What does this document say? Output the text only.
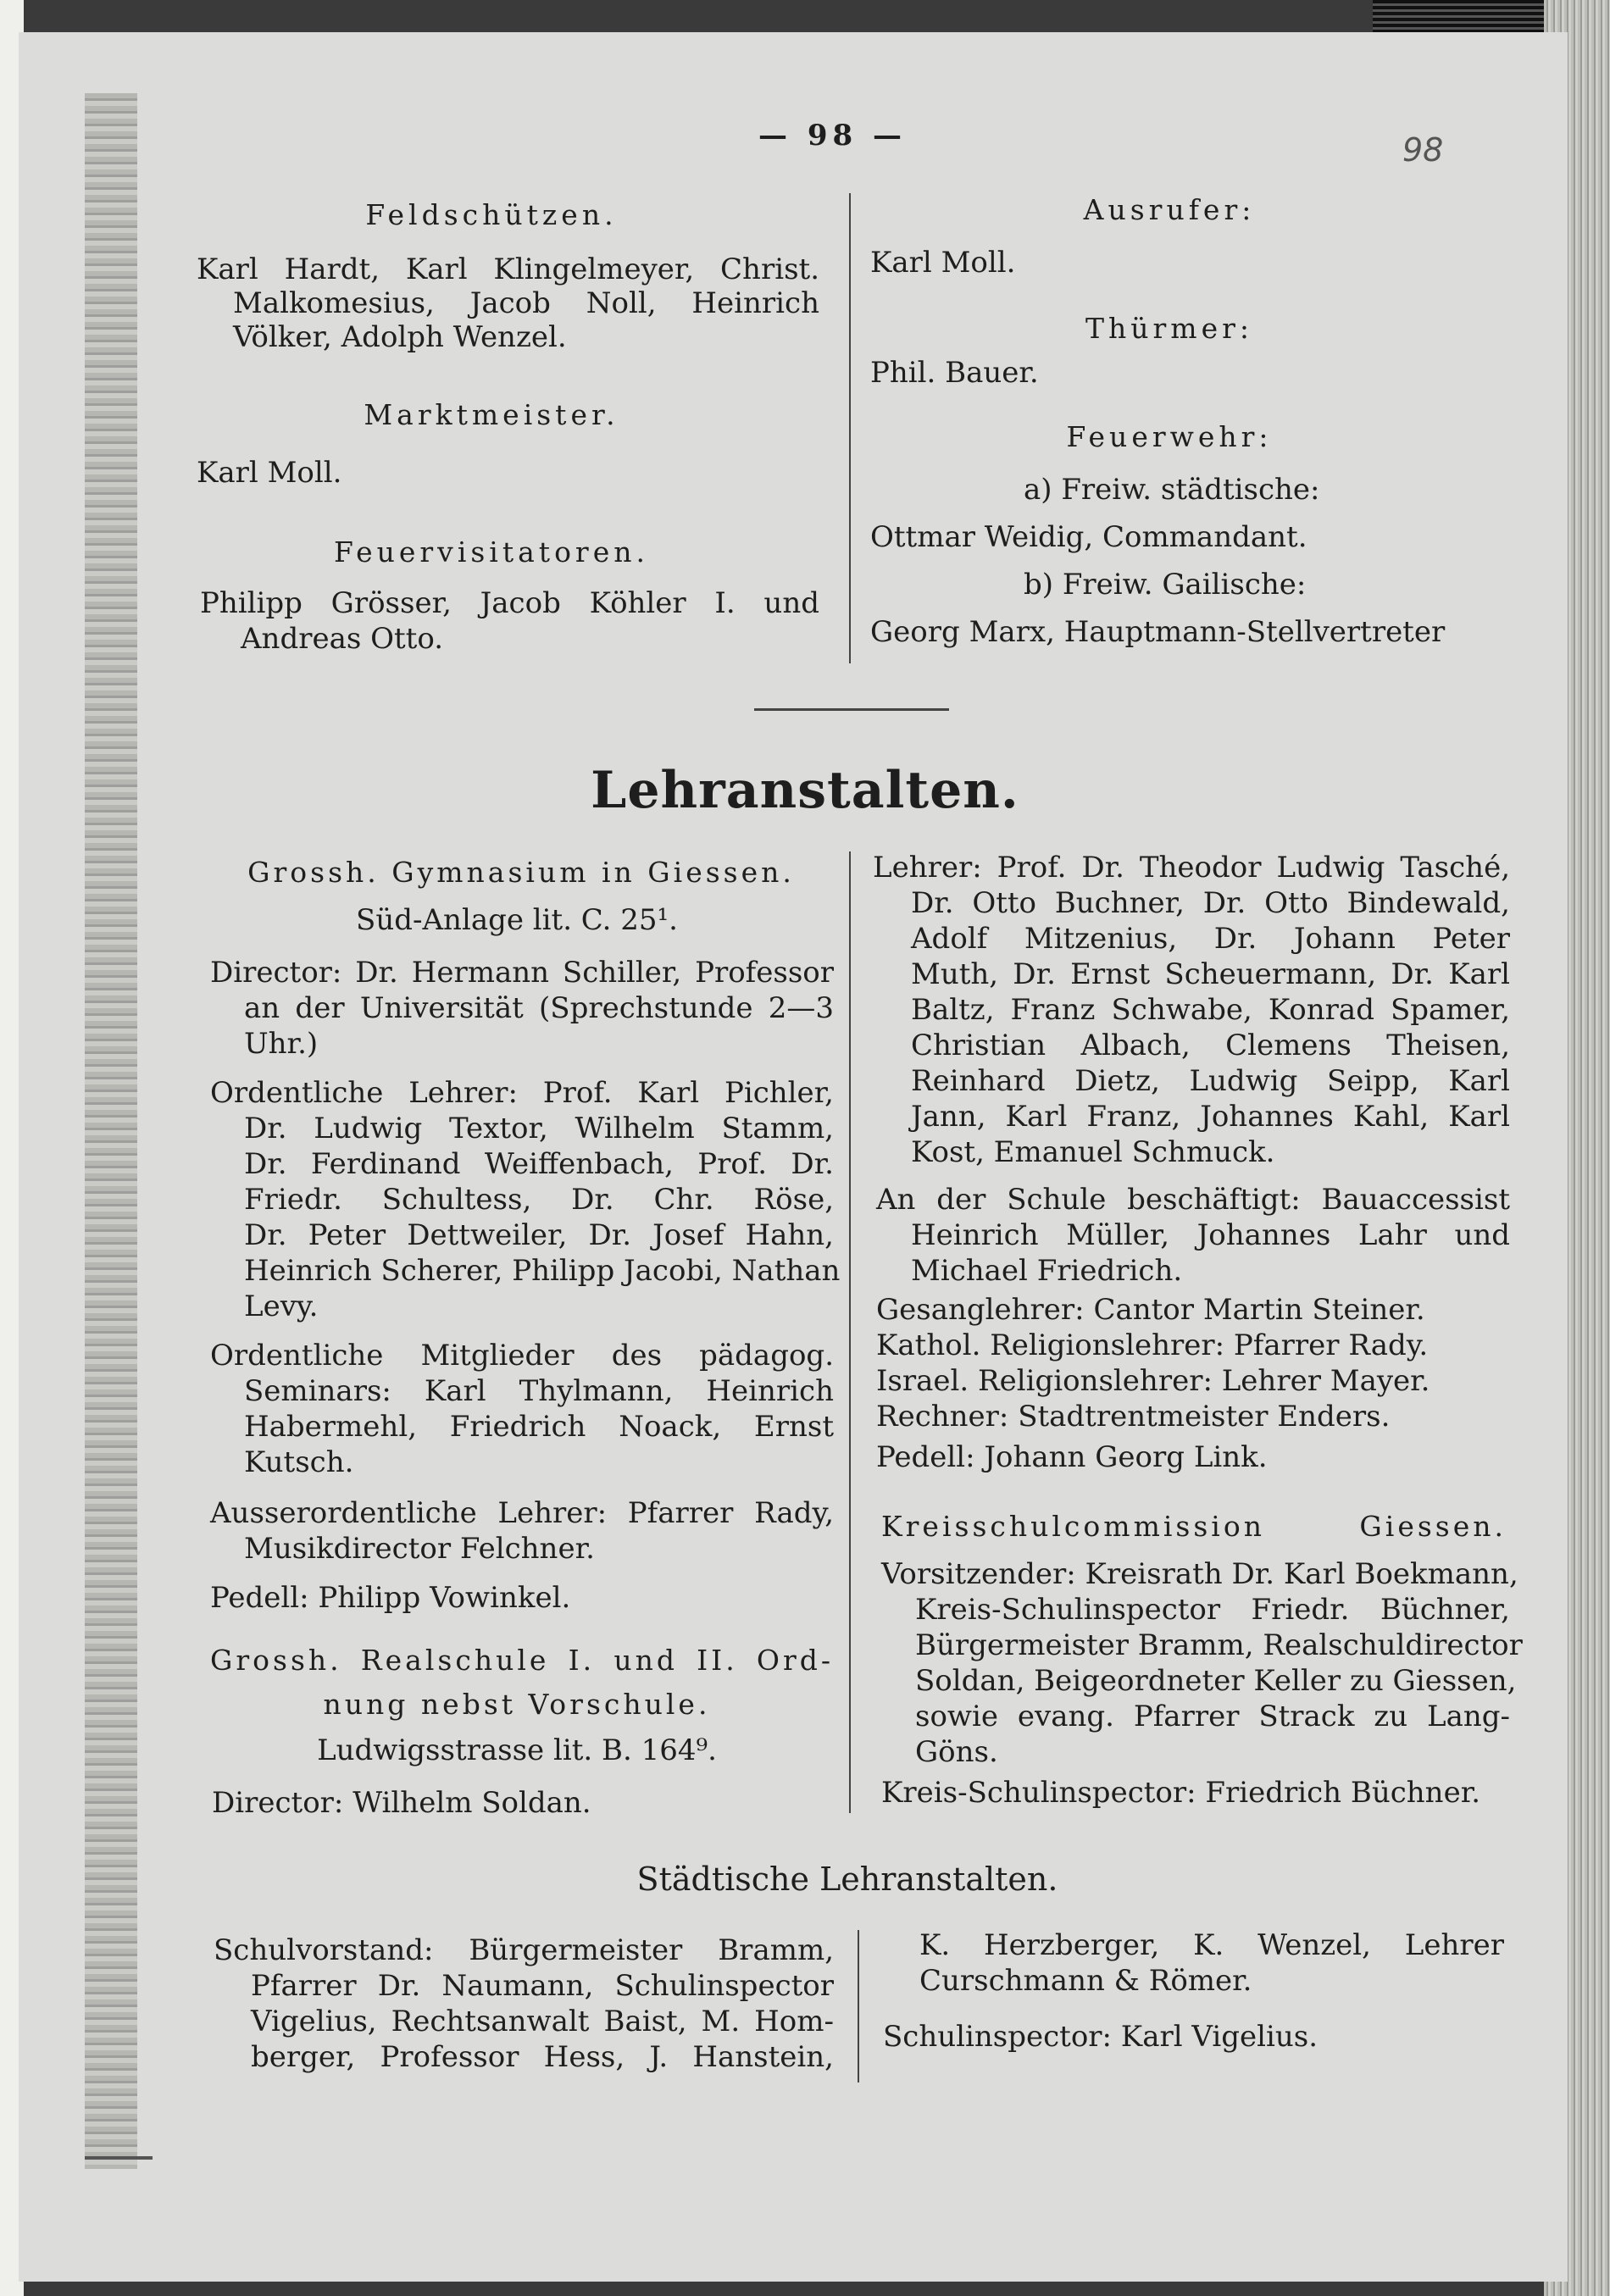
— 98 —	98
Feldschützen.
Karl Hardt, Karl Klingelmeyer, Christ.
Malkomesius, Jacob Noll, Heinrich
Völker, Adolph Wenzel.
Marktmeister.
Karl Moll.
Feuervisitatoren.
Philipp Grösser, Jacob Köhler I. und
Andreas Otto.
Ausrufer:
Karl Moll.
Thürmer:
Phil. Bauer.
Feuerwehr:
a) Freiw. städtische:
Ottmar Weidig, Commandant.
b) Freiw. Gailische:
Georg Marx, Hauptmann-Stellvertreter
Lehranstalten.
Grossh. Gymnasium in Giessen.
Süd-Anlage lit. C. 25¹.
Director: Dr. Hermann Schiller, Professor
an der Universität (Sprechstunde 2—3
Uhr.)
Ordentliche Lehrer: Prof. Karl Pichler,
Dr. Ludwig Textor, Wilhelm Stamm,
Dr. Ferdinand Weiffenbach, Prof. Dr.
Friedr. Schultess, Dr. Chr. Röse,
Dr. Peter Dettweiler, Dr. Josef Hahn,
Heinrich Scherer, Philipp Jacobi, Nathan
Levy.
Ordentliche Mitglieder des pädagog.
Seminars: Karl Thylmann, Heinrich
Habermehl, Friedrich Noack, Ernst
Kutsch.
Ausserordentliche Lehrer: Pfarrer Rady,
Musikdirector Felchner.
Pedell: Philipp Vowinkel.
Grossh. Realschule I. und II. Ord-
nung nebst Vorschule.
Ludwigsstrasse lit. B. 164⁹.
Director: Wilhelm Soldan.
Lehrer: Prof. Dr. Theodor Ludwig Tasché,
Dr. Otto Buchner, Dr. Otto Bindewald,
Adolf Mitzenius, Dr. Johann Peter
Muth, Dr. Ernst Scheuermann, Dr. Karl
Baltz, Franz Schwabe, Konrad Spamer,
Christian Albach, Clemens Theisen,
Reinhard Dietz, Ludwig Seipp, Karl
Jann, Karl Franz, Johannes Kahl, Karl
Kost, Emanuel Schmuck.
An der Schule beschäftigt: Bauaccessist
Heinrich Müller, Johannes Lahr und
Michael Friedrich.
Gesanglehrer: Cantor Martin Steiner.
Kathol. Religionslehrer: Pfarrer Rady.
Israel. Religionslehrer: Lehrer Mayer.
Rechner: Stadtrentmeister Enders.
Pedell: Johann Georg Link.
Kreisschulcommission Giessen.
Vorsitzender: Kreisrath Dr. Karl Boekmann,
Kreis-Schulinspector Friedr. Büchner,
Bürgermeister Bramm, Realschuldirector
Soldan, Beigeordneter Keller zu Giessen,
sowie evang. Pfarrer Strack zu Lang-
Göns.
Kreis-Schulinspector: Friedrich Büchner.
Städtische Lehranstalten.
Schulvorstand: Bürgermeister Bramm,
Pfarrer Dr. Naumann, Schulinspector
Vigelius, Rechtsanwalt Baist, M. Hom-
berger, Professor Hess, J. Hanstein,
K. Herzberger, K. Wenzel, Lehrer
Curschmann & Römer.
Schulinspector: Karl Vigelius.
